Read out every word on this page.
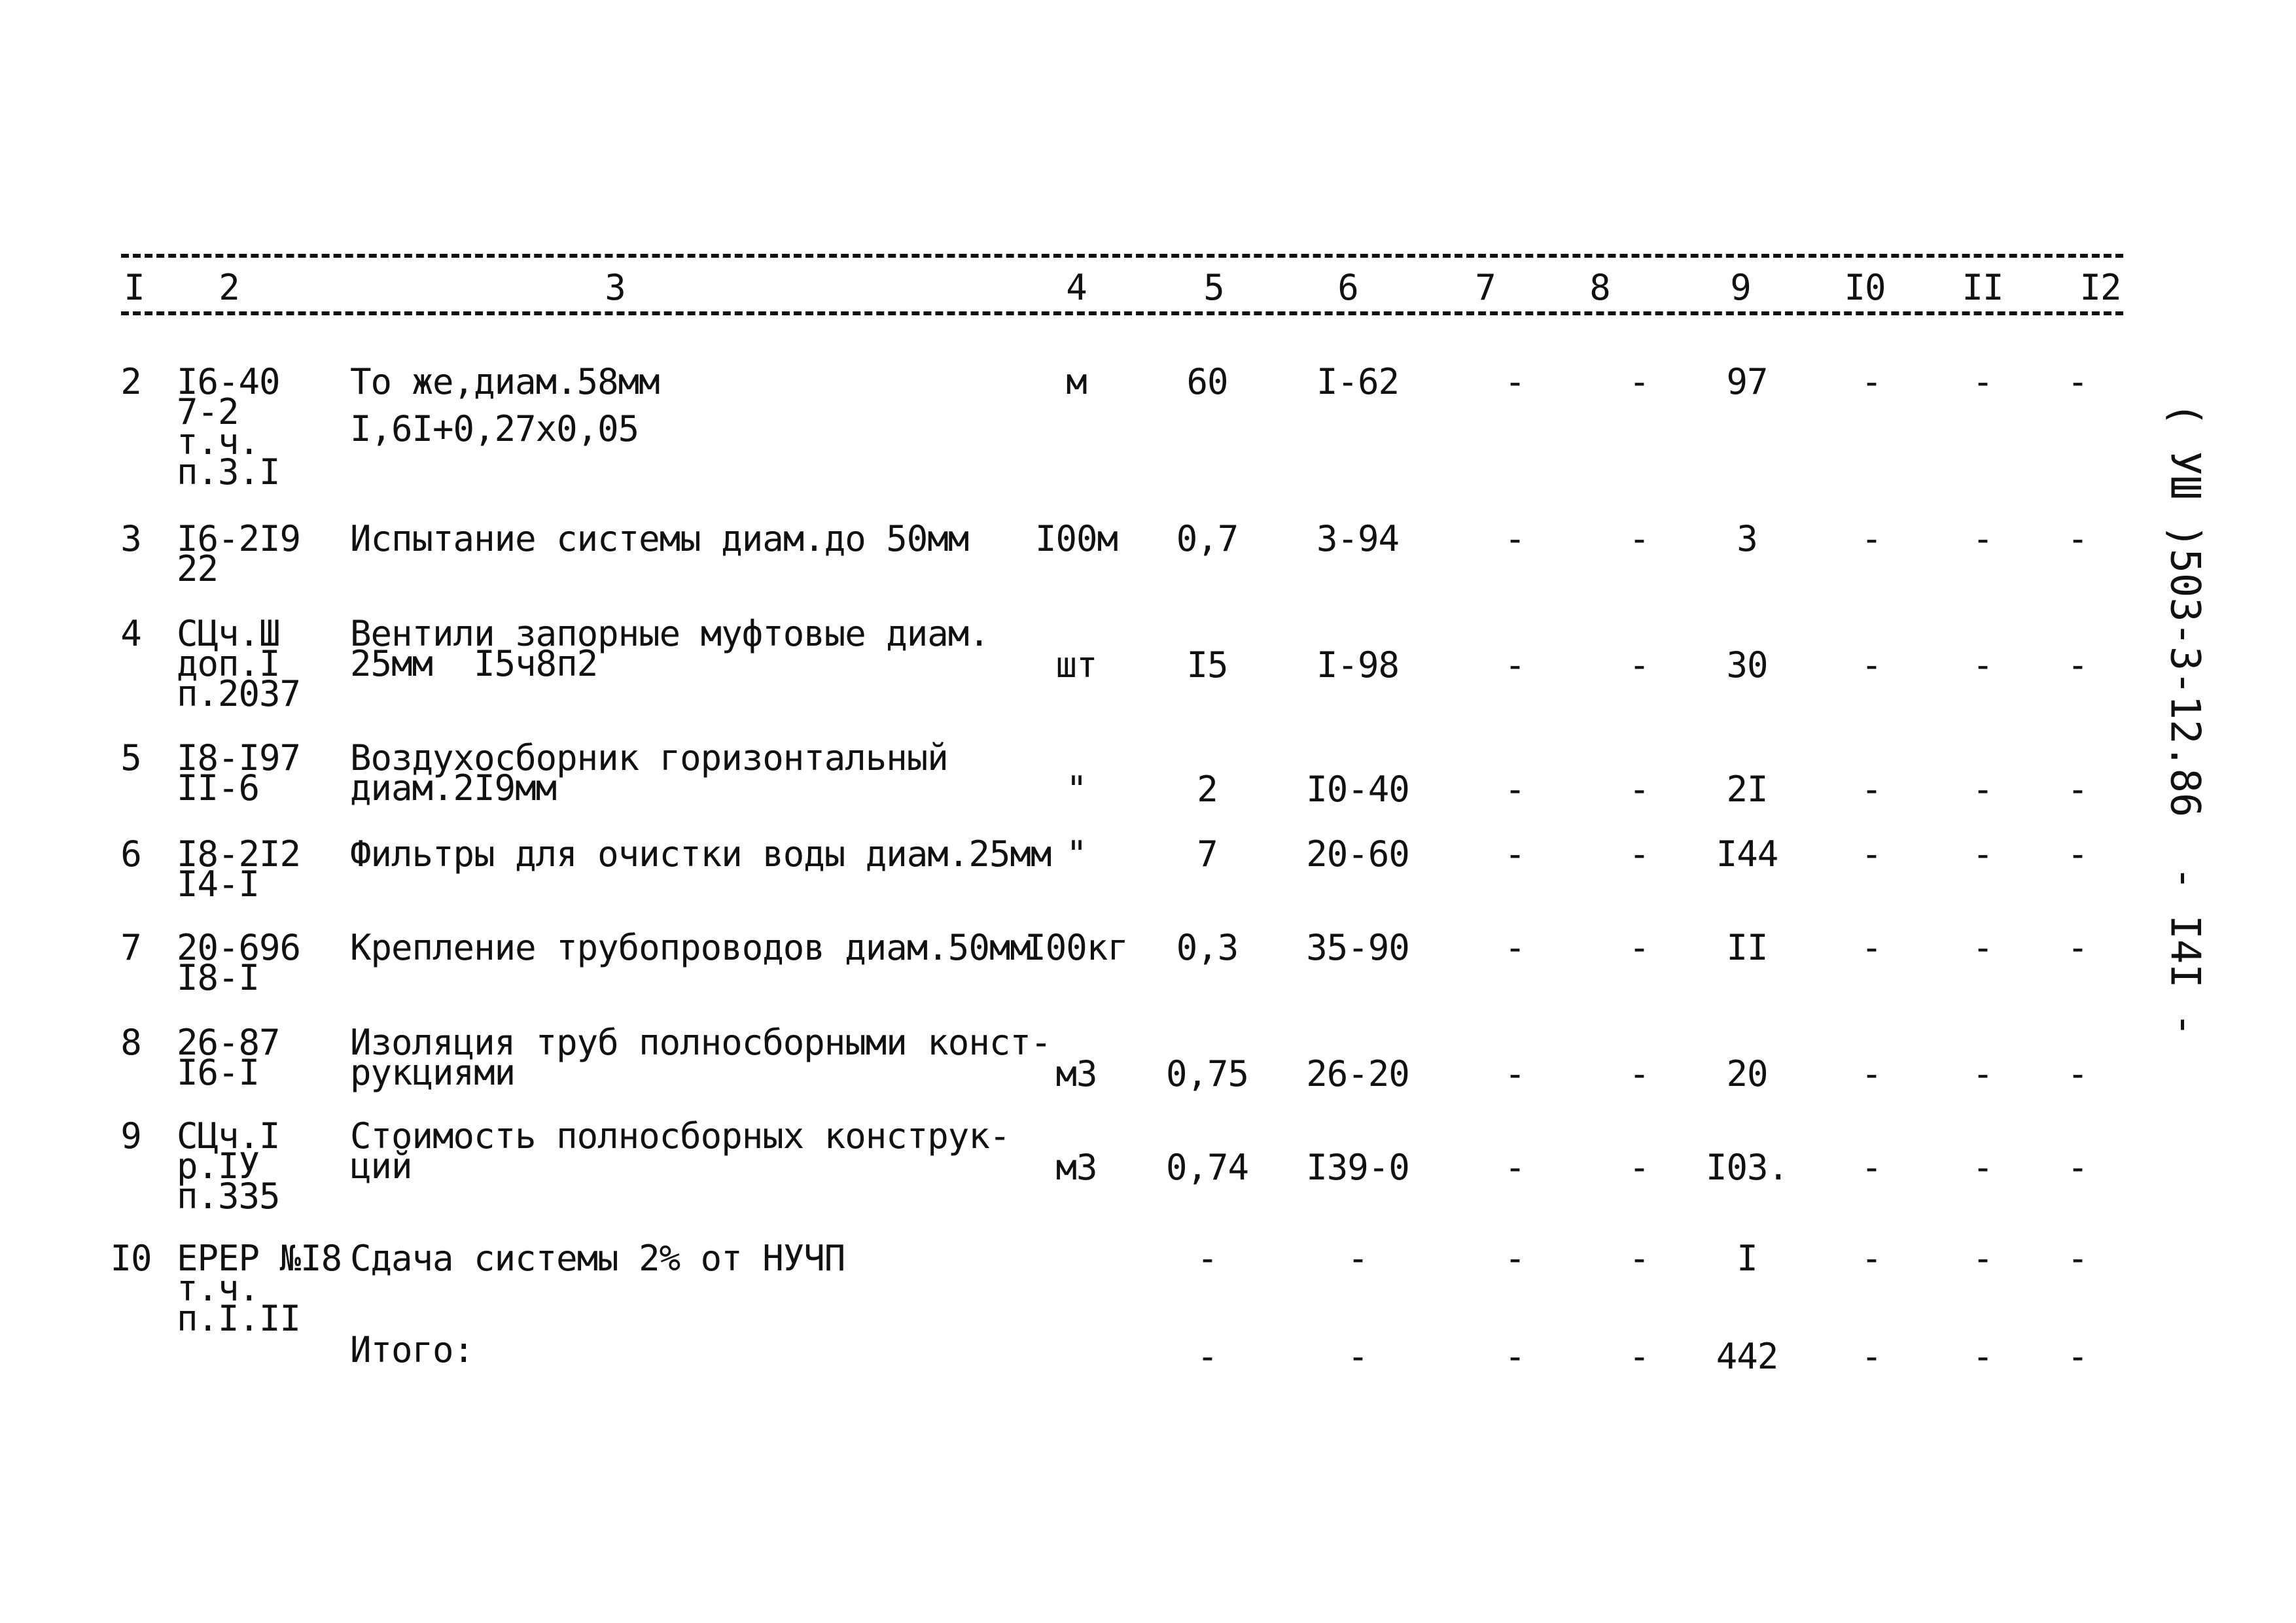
I 2	3	4	5	6	7	8	9	I0 II I2
2 I6-40
7-2
т.ч.
п.3.I
То же,диам.58мм
I,6I+0,27x0,05
м	60	I-62	-	- 97	-	- -
3 I6-2I9
22
Испытание системы диам.до 50мм I00м 0,7 3-94	-	- 3	-	- -
4 СЦч.Ш
доп.I
п.2037
Вентили запорные муфтовые диам.
25мм  I5ч8п2	шт	I5	I-98	-	- 30	-	- -
5 I8-I97
II-6
Воздухосборник горизонтальный
диам.2I9мм	"	2	I0-40	-	- 2I	-	- -
6 I8-2I2
I4-I
Фильтры для очистки воды диам.25мм "	7	20-60	-	- I44 -	- -
7 20-696
I8-I
Крепление трубопроводов диам.50мм
I00кг 0,3 35-90	-	- II	-	- -
8 26-87
I6-I
Изоляция труб полносборными конст-
рукциями	м3 0,75 26-20	-	- 20	-	- -
9 СЦч.I
р.IУ
п.335
Стоимость полносборных конструк-
ций	м3 0,74 I39-0	-	- I03. -	- -
I0 ЕРЕР №I8
т.ч.
п.I.II
Сдача системы 2% от НУЧП	-	-	-	- I	-	- -
Итого:	-	-	-	- 442 -	- -
( УШ )503-3-12.86  - I4I -
